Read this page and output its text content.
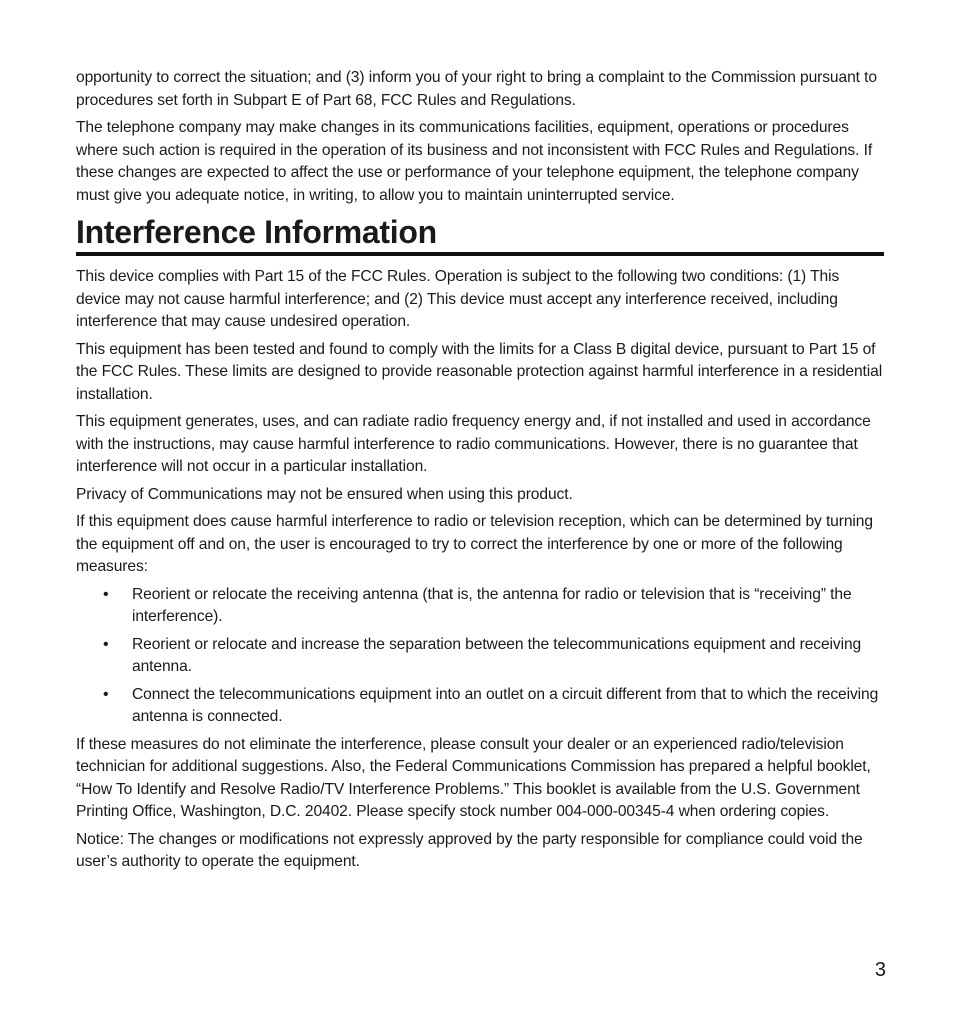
opportunity to correct the situation; and (3) inform you of your right to bring a complaint to the Commission pursuant to procedures set forth in Subpart E of Part 68, FCC Rules and Regulations.

The telephone company may make changes in its communications facilities, equipment, operations or procedures where such action is required in the operation of its business and not inconsistent with FCC Rules and Regulations. If these changes are expected to affect the use or performance of your telephone equipment, the telephone company must give you adequate notice, in writing, to allow you to maintain uninterrupted service.

Interference Information

This device complies with Part 15 of the FCC Rules. Operation is subject to the following two conditions: (1) This device may not cause harmful interference; and (2) This device must accept any interference received, including interference that may cause undesired operation.

This equipment has been tested and found to comply with the limits for a Class B digital device, pursuant to Part 15 of the FCC Rules. These limits are designed to provide reasonable protection against harmful interference in a residential installation.

This equipment generates, uses, and can radiate radio frequency energy and, if not installed and used in accordance with the instructions, may cause harmful interference to radio communications. However, there is no guarantee that interference will not occur in a particular installation.

Privacy of Communications may not be ensured when using this product.

If this equipment does cause harmful interference to radio or television reception, which can be determined by turning the equipment off and on, the user is encouraged to try to correct the interference by one or more of the following measures:

• Reorient or relocate the receiving antenna (that is, the antenna for radio or television that is “receiving” the interference).
• Reorient or relocate and increase the separation between the telecommunications equipment and receiving antenna.
• Connect the telecommunications equipment into an outlet on a circuit different from that to which the receiving antenna is connected.

If these measures do not eliminate the interference, please consult your dealer or an experienced radio/television technician for additional suggestions. Also, the Federal Communications Commission has prepared a helpful booklet, “How To Identify and Resolve Radio/TV Interference Problems.” This booklet is available from the U.S. Government Printing Office, Washington, D.C. 20402. Please specify stock number 004-000-00345-4 when ordering copies.

Notice: The changes or modifications not expressly approved by the party responsible for compliance could void the user’s authority to operate the equipment.

3
